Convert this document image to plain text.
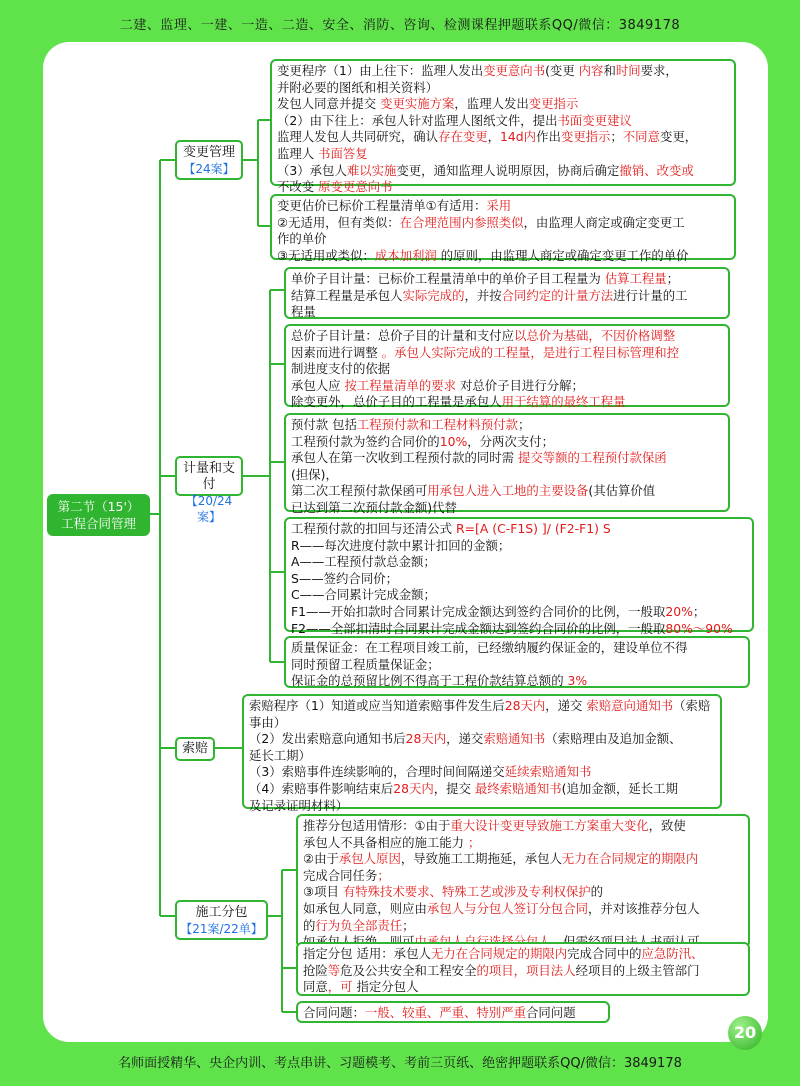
二建、监理、一建、一造、二造、安全、消防、咨询、检测课程押题联系QQ/微信：3849178
第二节（15'）
工程合同管理
变更管理
【24案】
计量和支付
【20/24案】
索赔
施工分包
【21案/22单】
变更程序（1）由上往下：监理人发出变更意向书(变更 内容和时间要求，
并附必要的图纸和相关资料）
发包人同意并提交 变更实施方案，监理人发出变更指示
（2）由下往上：承包人针对监理人图纸文件，提出书面变更建议
监理人发包人共同研究，确认存在变更，14d内作出变更指示；不同意变更，
监理人 书面答复
（3）承包人难以实施变更，通知监理人说明原因，协商后确定撤销、改变或
不改变 原变更意向书
变更估价已标价工程量清单①有适用：采用
②无适用，但有类似：在合理范围内参照类似，由监理人商定或确定变更工
作的单价
③无适用或类似：成本加利润 的原则，由监理人商定或确定变更工作的单价
单价子目计量：已标价工程量清单中的单价子目工程量为 估算工程量；
结算工程量是承包人实际完成的，并按合同约定的计量方法进行计量的工
程量
总价子目计量：总价子目的计量和支付应以总价为基础，不因价格调整
因素而进行调整 。承包人实际完成的工程量，是进行工程目标管理和控
制进度支付的依据
承包人应 按工程量清单的要求 对总价子目进行分解；
除变更外，总价子目的工程量是承包人用于结算的最终工程量
预付款 包括工程预付款和工程材料预付款；
工程预付款为签约合同价的10%，分两次支付；
承包人在第一次收到工程预付款的同时需 提交等额的工程预付款保函
(担保)，
第二次工程预付款保函可用承包人进入工地的主要设备(其估算价值
已达到第二次预付款金额)代替
工程预付款的扣回与还清公式 R=[A (C-F1S) ]/ (F2-F1) S
R——每次进度付款中累计扣回的金额；
A——工程预付款总金额；
S——签约合同价；
C——合同累计完成金额；
F1——开始扣款时合同累计完成金额达到签约合同价的比例，一般取20%；
F2——全部扣清时合同累计完成金额达到签约合同价的比例，一般取80%～90%
质量保证金：在工程项目竣工前，已经缴纳履约保证金的，建设单位不得
同时预留工程质量保证金；
保证金的总预留比例不得高于工程价款结算总额的 3%
索赔程序（1）知道或应当知道索赔事件发生后28天内，递交 索赔意向通知书（索赔
事由）
（2）发出索赔意向通知书后28天内，递交索赔通知书（索赔理由及追加金额、
延长工期）
（3）索赔事件连续影响的，合理时间间隔递交延续索赔通知书
（4）索赔事件影响结束后28天内，提交 最终索赔通知书(追加金额，延长工期
及记录证明材料）
推荐分包适用情形：①由于重大设计变更导致施工方案重大变化，致使
承包人不具备相应的施工能力 ；
②由于承包人原因，导致施工工期拖延，承包人无力在合同规定的期限内
完成合同任务；
③项目 有特殊技术要求、特殊工艺或涉及专利权保护的
如承包人同意，则应由承包人与分包人签订分包合同，并对该推荐分包人
的行为负全部责任；
指定分包 适用：承包人无力在合同规定的期限内完成合同中的应急防汛、
抢险等危及公共安全和工程安全的项目，项目法人经项目的上级主管部门
同意，可 指定分包人
合同问题：一般、较重、严重、特别严重合同问题
20
名师面授精华、央企内训、考点串讲、习题模考、考前三页纸、绝密押题联系QQ/微信：3849178
